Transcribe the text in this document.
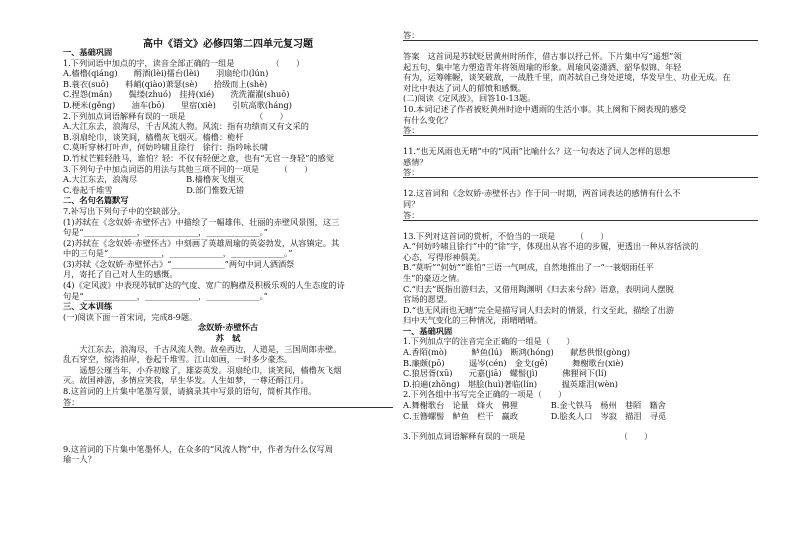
高中《语文》必修四第二四单元复习题
一、基础巩固
1.下列词语中加点的字，读音全部正确的一组是　　　　　（　　）
A.樯橹(qiáng)　　酹酒(lèi)擂台(lèi)　　羽扇纶巾(lún)
B.蓑衣(suō)　　料峭(qiào)萧瑟(sè)　　拾级而上(shè)
C.捏怨(mán)　　鬓缕(zhuó)　挂持(xié)　　洗洗濯濯(shuō)
D.梗米(gěng)　　油车(bō)　　里宿(xiè)　　引吭高歌(háng)
2.下列加点词语解释有误的一项是　　　　　　　　　（　　）
A.大江东去，浪淘尽，千古风流人物。风流：指有功绩而又有文采的
B.羽扇纶巾，谈笑间，樯橹灰飞烟灭。樯橹：桅杆
C.莫听穿林打叶声，何妨吟啸且徐行　徐行：指吟咏长啸
D.竹杖芒鞋轻胜马，谁怕？轻：不仅有轻便之意，也有“无官一身轻”的感觉
3.下列句子中加点词语的用法与其他三项不同的一项是　　　（　　）
A.大江东去，浪淘尽　　　　　　B.樯橹灰飞烟灭
C.卷起千堆雪　　　　　　　　　D.部门惟数无错
二、名句名篇默写
7.补写出下列句子中的空缺部分。
(1)苏轼在《念奴娇·赤壁怀古》中描绘了一幅雄伟、壮丽的赤壁风景图，这三
句是“_____________，_____________，_____________。”
(2)苏轼在《念奴娇·赤壁怀古》中刻画了英雄周瑜的英姿勃发，从容镇定。其
中的三句是“_____________，_____________，_____________。”
(3)苏轼《念奴娇·赤壁怀古》“_____________”两句中词人洒酒祭
月，寄托了自己对人生的感慨。
(4)《定风波》中表现苏轼旷达的气度、宽广的胸襟及积极乐观的人生态度的诗
句是“_____________，_____________，_____________。”
三、文本训练
(一)阅读下面一首宋词，完成8-9题。
念奴娇·赤壁怀古
苏　轼
　　大江东去，浪淘尽，千古风流人物。故垒西边，人道是，三国周郎赤壁。
乱石穿空，惊涛拍岸，卷起千堆雪。江山如画，一时多少豪杰。
　　遥想公瑾当年，小乔初嫁了，雄姿英发。羽扇纶巾，谈笑间，樯橹灰飞烟
灭。故国神游，多情应笑我，早生华发。人生如梦，一尊还酹江月。
8.这首词的上片集中笔墨写景，请摘录其中写景的语句，简析其作用。
答：
9.这首词的下片集中笔墨怀人，在众多的“风流人物”中，作者为什么仅写周
瑜一人？
答：
答案　这首词是苏轼贬居黄州时所作，借古事以抒己怀。下片集中写“遥想”领
起五句，集中笔力塑造青年将领周瑜的形象。周瑜风姿潇洒、韶华似锦、年轻
有为，运筹帷幄，谈笑破敌，一战胜千里，而苏轼自己身处逆境，华发早生、功业无成。在
对比中表达了词人的郁愤和感慨。
(二)阅读《定风波》，回答10-13题。
10.本词记述了作者被贬黄州时途中遇雨的生活小事。其上阕和下阕表现的感受
有什么变化？
答：
11.“也无风雨也无晴”中的“风雨”比喻什么？这一句表达了词人怎样的思想
感情？
答：
12.这首词和《念奴娇·赤壁怀古》作于同一时期，两首词表达的感情有什么不
同？
答：
13.下列对这首词的赏析，不恰当的一项是　　　（　　）
A.“何妨吟啸且徐行”中的“徐”字，体现出从容不迫的步履，更透出一种从容恬淡的
心态，写得形神俱美。
B.“莫听”“何妨”“谁怕”三语一气呵成，自然地推出了一“一蓑烟雨任平
生”的豪迈之情。
C.“归去”既指出游归去，又借用陶渊明《归去来兮辞》语意，表明词人摆脱
官场的愿望。
D.“也无风雨也无晴”完全是描写词人归去时的情景，行文至此，描绘了出游
归中天气变化的三种情况，雨晴晴晴。
一、基础巩固
1.下列加点字的注音完全正确的一组是（　　）
A.香陌(mò)　　　鲈鱼(lú)　断鸿(hóng)　　献愁供恨(gòng)
B.廉颇(pō)　　　遥岑(cén)　金戈(gē)　　　舞榭歌台(xiè)
C.狼居胥(xū)　　元嘉(jiā)　螺髻(jì)　　　佛狸祠下(lí)
D.拍遍(zhōng)　堪脍(huì)著临(lín)　　　揾英雄泪(wèn)
2.下列各组中书写完全正确的一项是（　　）
A.舞榭歌台　论量　烽火　佛狸　　　　B.金弋铁马　杨州　巷陌　籍舍
C.玉簪螺髻　鲈鱼　栏干　赢政　　　　D.脍炙人口　岑寂　描泪　寻觅
3.下列加点词语解释有误的一项是　　　　　　　　　　　　（　　）
